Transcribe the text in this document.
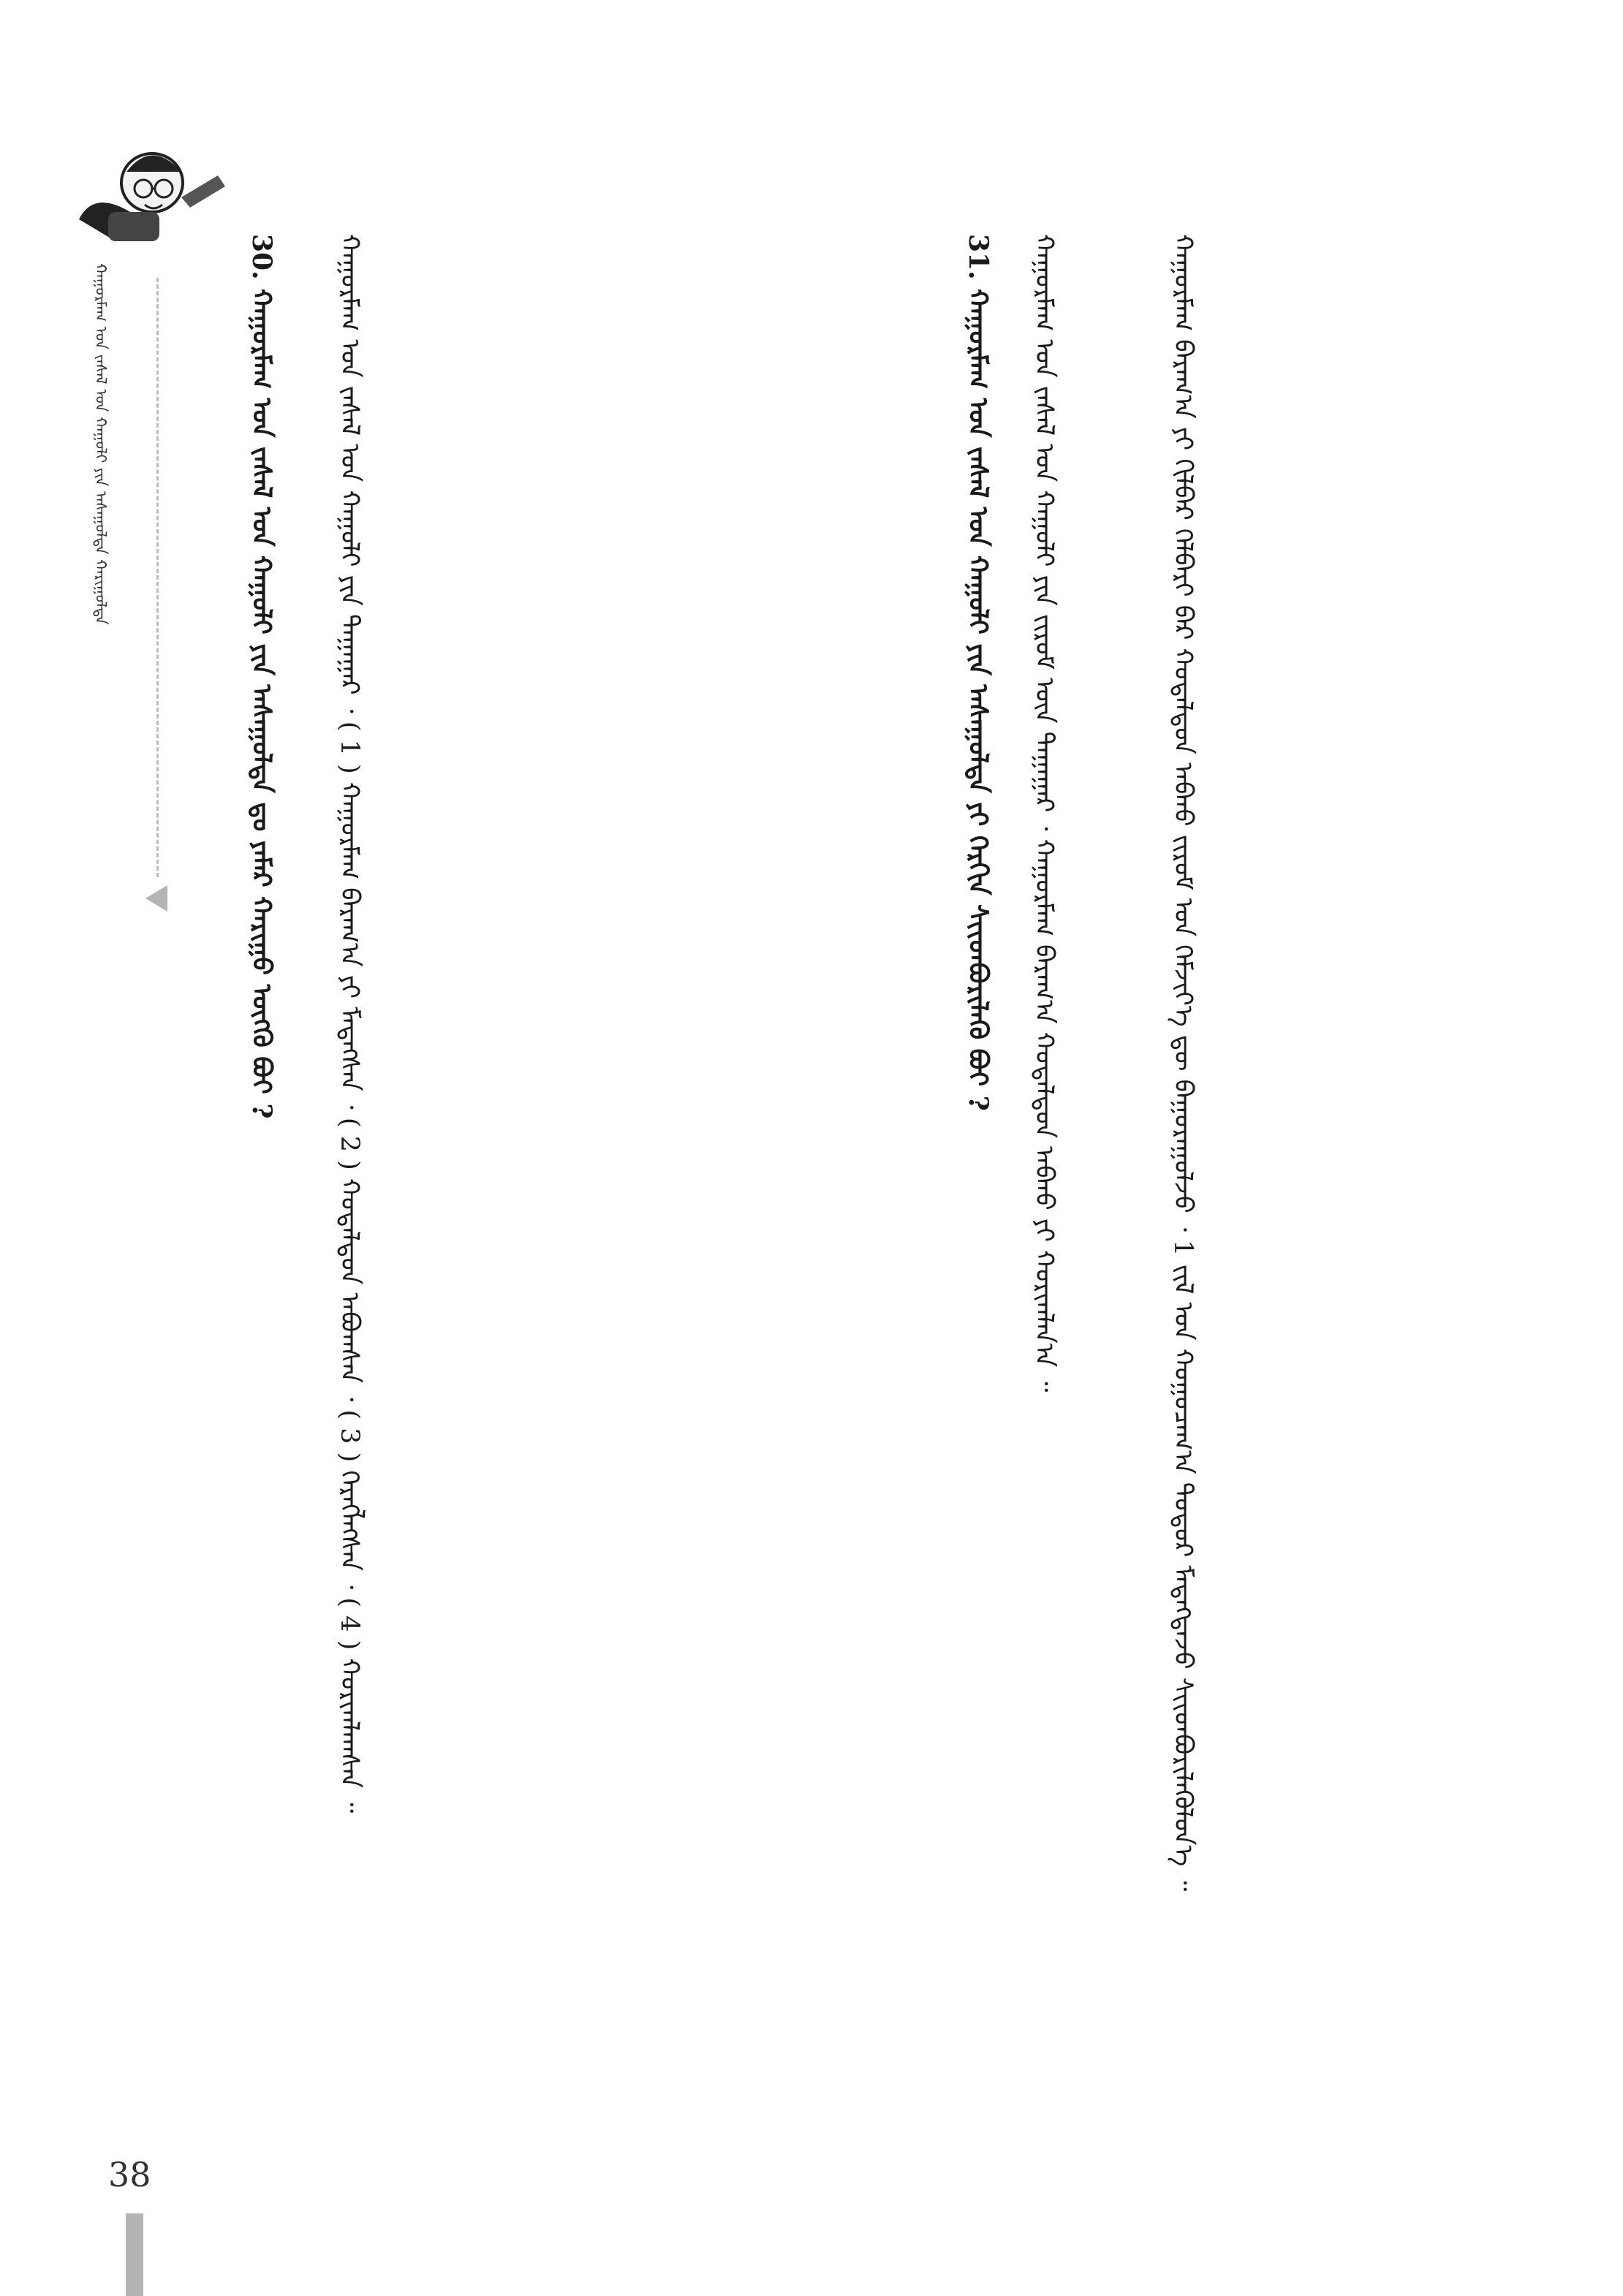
ᠬᠠᠭᠤᠷᠮᠠᠭ ᠤᠨ ᠵᠠᠰᠠᠯ ᠤᠨ ᠬᠠᠭᠤᠯᠢ ᠶᠢᠨ ᠠᠰᠠᠭᠤᠯᠲᠠ ᠬᠠᠷᠢᠭᠤᠯᠲᠠ	ᠬᠠᠭᠤᠷᠮᠠᠭ ᠪᠠᠷᠠᠭ᠎ᠠ ᠶᠢ ᠬᠢᠯᠪᠠᠷ ᠬᠡᠯᠪᠡᠷᠢ ᠪᠡᠷ ᠬᠤᠳᠠᠯᠳᠤᠨ ᠠᠪᠬᠤ ᠵᠢᠷᠤᠮ ᠤᠨ ᠬᠡᠮᠵᠢᠶ᠎ᠡ ᠳᠦ ᠪᠠᠭᠤᠷᠠᠭᠤᠯᠵᠤ ᠂ 1 ᠵᠢᠯ ᠤᠨ ᠬᠤᠭᠤᠴᠠᠭ᠎ᠠ ᠳᠤᠲᠤᠷ ᠮᠡᠳᠡᠭᠳᠡᠵᠦ ᠰᠢᠢᠳᠪᠦᠷᠢᠯᠡᠭᠦᠯᠦᠨ᠎ᠡ ᠃
ᠬᠠᠭᠤᠷᠮᠠᠭ ᠤᠨ ᠵᠠᠰᠠᠯ ᠤᠨ ᠬᠠᠭᠤᠯᠢ ᠶᠢᠨ ᠵᠢᠷᠤᠮ ᠦᠨ ᠳᠠᠭᠠᠭᠠᠷ ᠂ ᠬᠠᠭᠤᠷᠮᠠᠭ ᠪᠠᠷᠠᠭ᠎ᠠ ᠬᠤᠳᠠᠯᠳᠤᠨ ᠠᠪᠬᠤ ᠶᠢ ᠬᠤᠷᠢᠭᠯᠠᠨ᠎ᠠ ᠃
31. ᠬᠠᠭᠤᠷᠮᠠᠭ ᠤᠨ ᠵᠠᠰᠠᠯ ᠤᠨ ᠬᠠᠭᠤᠯᠢ ᠶᠢᠨ ᠠᠰᠠᠭᠤᠯᠲᠠ ᠶᠢ ᠬᠡᠷᠬᠢᠨ ᠰᠢᠢᠳᠪᠦᠷᠢᠯᠡᠬᠦ ᠪᠤᠢ ?
ᠬᠠᠭᠤᠷᠮᠠᠭ ᠤᠨ ᠵᠠᠰᠠᠯ ᠤᠨ ᠬᠠᠭᠤᠯᠢ ᠶᠢᠨ ᠳᠠᠭᠠᠭᠠᠷ ᠂ ( 1 ) ᠬᠠᠭᠤᠷᠮᠠᠭ ᠪᠠᠷᠠᠭ᠎ᠠ ᠶᠢ ᠮᠡᠳᠡᠭᠰᠡᠨ ᠂ ( 2 ) ᠬᠤᠳᠠᠯᠳᠤᠨ ᠠᠪᠤᠭᠰᠠᠨ ᠂ ( 3 ) ᠬᠡᠷᠡᠭᠯᠡᠭᠰᠡᠨ ᠂ ( 4 ) ᠬᠤᠷᠢᠭᠯᠠᠭᠰᠠᠨ ᠃
30. ᠬᠠᠭᠤᠷᠮᠠᠭ ᠤᠨ ᠵᠠᠰᠠᠯ ᠤᠨ ᠬᠠᠭᠤᠯᠢ ᠶᠢᠨ ᠠᠰᠠᠭᠤᠯᠲᠠ ᠳᠤ ᠶᠠᠮᠠᠷ ᠬᠠᠷᠢᠭᠤ ᠥᠭᠬᠦ ᠪᠤᠢ ?
38
